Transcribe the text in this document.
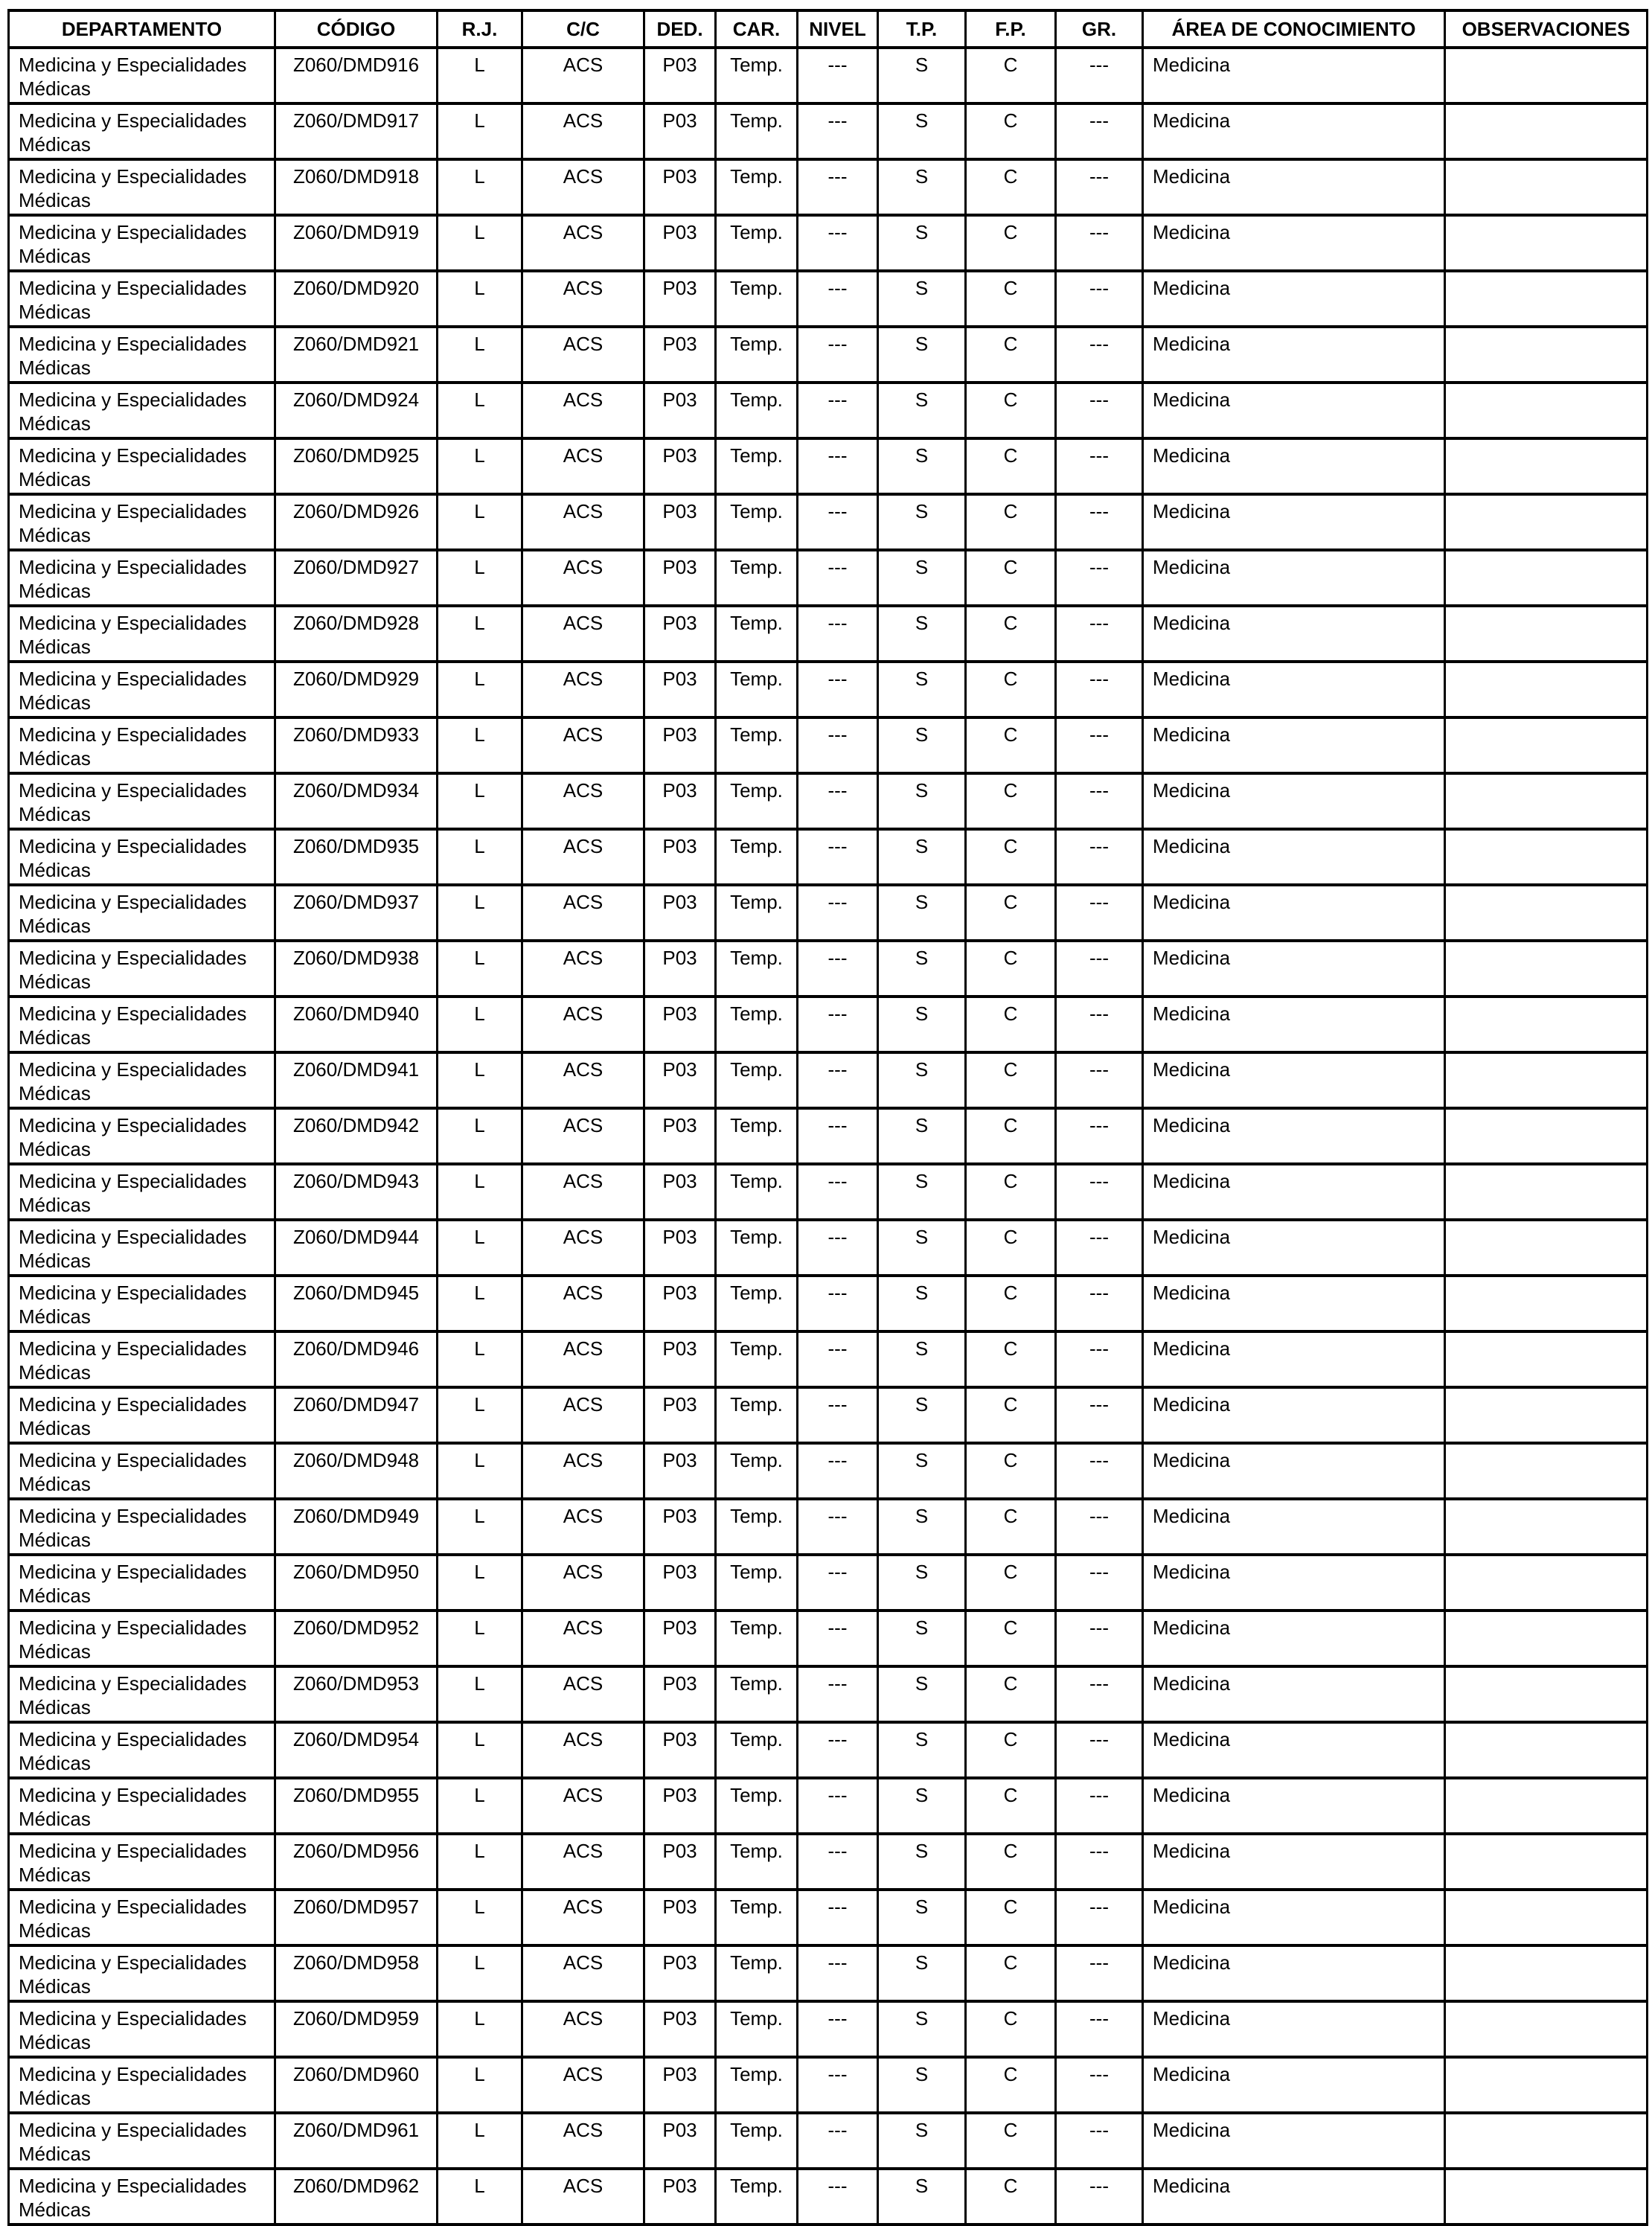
DEPARTAMENTO	CÓDIGO	R.J.	C/C	DED.	CAR.	NIVEL	T.P.	F.P.	GR.	ÁREA DE CONOCIMIENTO	OBSERVACIONES
Medicina y Especialidades Médicas	Z060/DMD916	L	ACS	P03	Temp.	---	S	C	---	Medicina	
Medicina y Especialidades Médicas	Z060/DMD917	L	ACS	P03	Temp.	---	S	C	---	Medicina	
Medicina y Especialidades Médicas	Z060/DMD918	L	ACS	P03	Temp.	---	S	C	---	Medicina	
Medicina y Especialidades Médicas	Z060/DMD919	L	ACS	P03	Temp.	---	S	C	---	Medicina	
Medicina y Especialidades Médicas	Z060/DMD920	L	ACS	P03	Temp.	---	S	C	---	Medicina	
Medicina y Especialidades Médicas	Z060/DMD921	L	ACS	P03	Temp.	---	S	C	---	Medicina	
Medicina y Especialidades Médicas	Z060/DMD924	L	ACS	P03	Temp.	---	S	C	---	Medicina	
Medicina y Especialidades Médicas	Z060/DMD925	L	ACS	P03	Temp.	---	S	C	---	Medicina	
Medicina y Especialidades Médicas	Z060/DMD926	L	ACS	P03	Temp.	---	S	C	---	Medicina	
Medicina y Especialidades Médicas	Z060/DMD927	L	ACS	P03	Temp.	---	S	C	---	Medicina	
Medicina y Especialidades Médicas	Z060/DMD928	L	ACS	P03	Temp.	---	S	C	---	Medicina	
Medicina y Especialidades Médicas	Z060/DMD929	L	ACS	P03	Temp.	---	S	C	---	Medicina	
Medicina y Especialidades Médicas	Z060/DMD933	L	ACS	P03	Temp.	---	S	C	---	Medicina	
Medicina y Especialidades Médicas	Z060/DMD934	L	ACS	P03	Temp.	---	S	C	---	Medicina	
Medicina y Especialidades Médicas	Z060/DMD935	L	ACS	P03	Temp.	---	S	C	---	Medicina	
Medicina y Especialidades Médicas	Z060/DMD937	L	ACS	P03	Temp.	---	S	C	---	Medicina	
Medicina y Especialidades Médicas	Z060/DMD938	L	ACS	P03	Temp.	---	S	C	---	Medicina	
Medicina y Especialidades Médicas	Z060/DMD940	L	ACS	P03	Temp.	---	S	C	---	Medicina	
Medicina y Especialidades Médicas	Z060/DMD941	L	ACS	P03	Temp.	---	S	C	---	Medicina	
Medicina y Especialidades Médicas	Z060/DMD942	L	ACS	P03	Temp.	---	S	C	---	Medicina	
Medicina y Especialidades Médicas	Z060/DMD943	L	ACS	P03	Temp.	---	S	C	---	Medicina	
Medicina y Especialidades Médicas	Z060/DMD944	L	ACS	P03	Temp.	---	S	C	---	Medicina	
Medicina y Especialidades Médicas	Z060/DMD945	L	ACS	P03	Temp.	---	S	C	---	Medicina	
Medicina y Especialidades Médicas	Z060/DMD946	L	ACS	P03	Temp.	---	S	C	---	Medicina	
Medicina y Especialidades Médicas	Z060/DMD947	L	ACS	P03	Temp.	---	S	C	---	Medicina	
Medicina y Especialidades Médicas	Z060/DMD948	L	ACS	P03	Temp.	---	S	C	---	Medicina	
Medicina y Especialidades Médicas	Z060/DMD949	L	ACS	P03	Temp.	---	S	C	---	Medicina	
Medicina y Especialidades Médicas	Z060/DMD950	L	ACS	P03	Temp.	---	S	C	---	Medicina	
Medicina y Especialidades Médicas	Z060/DMD952	L	ACS	P03	Temp.	---	S	C	---	Medicina	
Medicina y Especialidades Médicas	Z060/DMD953	L	ACS	P03	Temp.	---	S	C	---	Medicina	
Medicina y Especialidades Médicas	Z060/DMD954	L	ACS	P03	Temp.	---	S	C	---	Medicina	
Medicina y Especialidades Médicas	Z060/DMD955	L	ACS	P03	Temp.	---	S	C	---	Medicina	
Medicina y Especialidades Médicas	Z060/DMD956	L	ACS	P03	Temp.	---	S	C	---	Medicina	
Medicina y Especialidades Médicas	Z060/DMD957	L	ACS	P03	Temp.	---	S	C	---	Medicina	
Medicina y Especialidades Médicas	Z060/DMD958	L	ACS	P03	Temp.	---	S	C	---	Medicina	
Medicina y Especialidades Médicas	Z060/DMD959	L	ACS	P03	Temp.	---	S	C	---	Medicina	
Medicina y Especialidades Médicas	Z060/DMD960	L	ACS	P03	Temp.	---	S	C	---	Medicina	
Medicina y Especialidades Médicas	Z060/DMD961	L	ACS	P03	Temp.	---	S	C	---	Medicina	
Medicina y Especialidades Médicas	Z060/DMD962	L	ACS	P03	Temp.	---	S	C	---	Medicina	
